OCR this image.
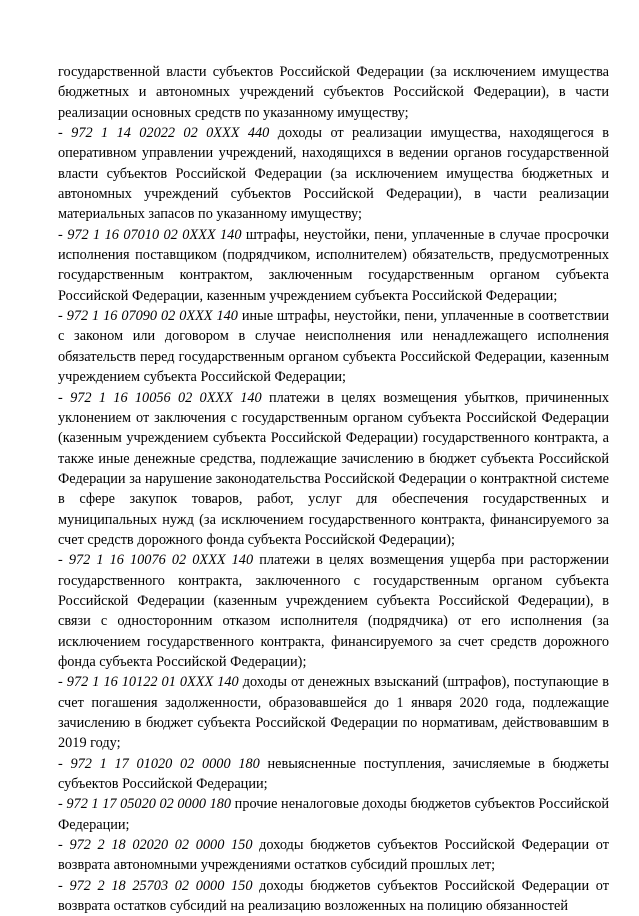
государственной власти субъектов Российской Федерации (за исключением имущества бюджетных и автономных учреждений субъектов Российской Федерации), в части реализации основных средств по указанному имуществу;

- 972 1 14 02022 02 0XXX 440 доходы от реализации имущества, находящегося в оперативном управлении учреждений, находящихся в ведении органов государственной власти субъектов Российской Федерации (за исключением имущества бюджетных и автономных учреждений субъектов Российской Федерации), в части реализации материальных запасов по указанному имуществу;

- 972 1 16 07010 02 0XXX 140 штрафы, неустойки, пени, уплаченные в случае просрочки исполнения поставщиком (подрядчиком, исполнителем) обязательств, предусмотренных государственным контрактом, заключенным государственным органом субъекта Российской Федерации, казенным учреждением субъекта Российской Федерации;

- 972 1 16 07090 02 0XXX 140 иные штрафы, неустойки, пени, уплаченные в соответствии с законом или договором в случае неисполнения или ненадлежащего исполнения обязательств перед государственным органом субъекта Российской Федерации, казенным учреждением субъекта Российской Федерации;

- 972 1 16 10056 02 0XXX 140 платежи в целях возмещения убытков, причиненных уклонением от заключения с государственным органом субъекта Российской Федерации (казенным учреждением субъекта Российской Федерации) государственного контракта, а также иные денежные средства, подлежащие зачислению в бюджет субъекта Российской Федерации за нарушение законодательства Российской Федерации о контрактной системе в сфере закупок товаров, работ, услуг для обеспечения государственных и муниципальных нужд (за исключением государственного контракта, финансируемого за счет средств дорожного фонда субъекта Российской Федерации);

- 972 1 16 10076 02 0XXX 140 платежи в целях возмещения ущерба при расторжении государственного контракта, заключенного с государственным органом субъекта Российской Федерации (казенным учреждением субъекта Российской Федерации), в связи с односторонним отказом исполнителя (подрядчика) от его исполнения (за исключением государственного контракта, финансируемого за счет средств дорожного фонда субъекта Российской Федерации);

- 972 1 16 10122 01 0XXX 140 доходы от денежных взысканий (штрафов), поступающие в счет погашения задолженности, образовавшейся до 1 января 2020 года, подлежащие зачислению в бюджет субъекта Российской Федерации по нормативам, действовавшим в 2019 году;

- 972 1 17 01020 02 0000 180 невыясненные поступления, зачисляемые в бюджеты субъектов Российской Федерации;

- 972 1 17 05020 02 0000 180 прочие неналоговые доходы бюджетов субъектов Российской Федерации;

- 972 2 18 02020 02 0000 150 доходы бюджетов субъектов Российской Федерации от возврата автономными учреждениями остатков субсидий прошлых лет;

- 972 2 18 25703 02 0000 150 доходы бюджетов субъектов Российской Федерации от возврата остатков субсидий на реализацию возложенных на полицию обязанностей
